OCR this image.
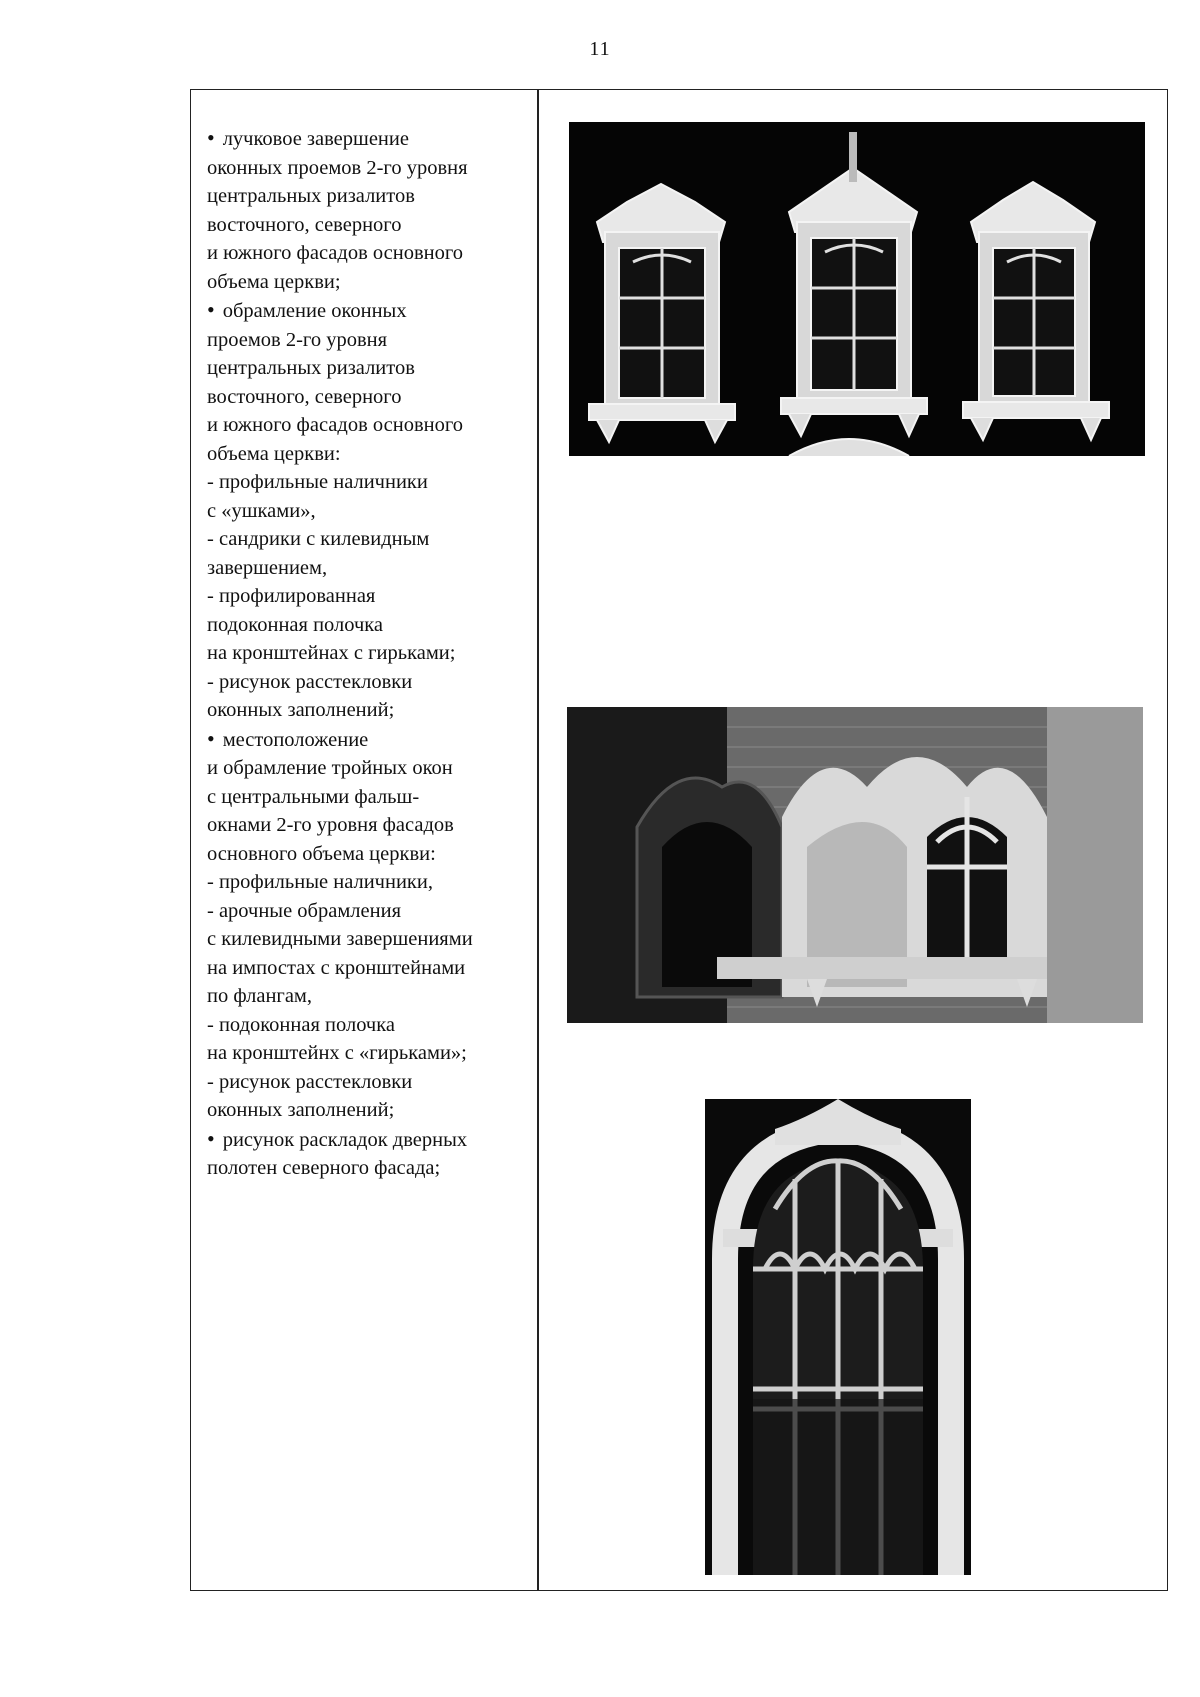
11
• лучковое завершение
оконных проемов 2-го уровня
центральных ризалитов
восточного, северного
и южного фасадов основного
объема церкви;
• обрамление оконных
проемов 2-го уровня
центральных ризалитов
восточного, северного
и южного фасадов основного
объема церкви:
- профильные наличники
с «ушками»,
- сандрики с килевидным
завершением,
- профилированная
подоконная полочка
на кронштейнах с гирьками;
- рисунок расстекловки
оконных заполнений;
• местоположение
и обрамление тройных окон
с центральными фальш-
окнами 2-го уровня фасадов
основного объема церкви:
- профильные наличники,
- арочные обрамления
с килевидными завершениями
на импостах с кронштейнами
по флангам,
- подоконная полочка
на кронштейнх с «гирьками»;
- рисунок расстекловки
оконных заполнений;
• рисунок раскладок дверных
полотен северного фасада;
